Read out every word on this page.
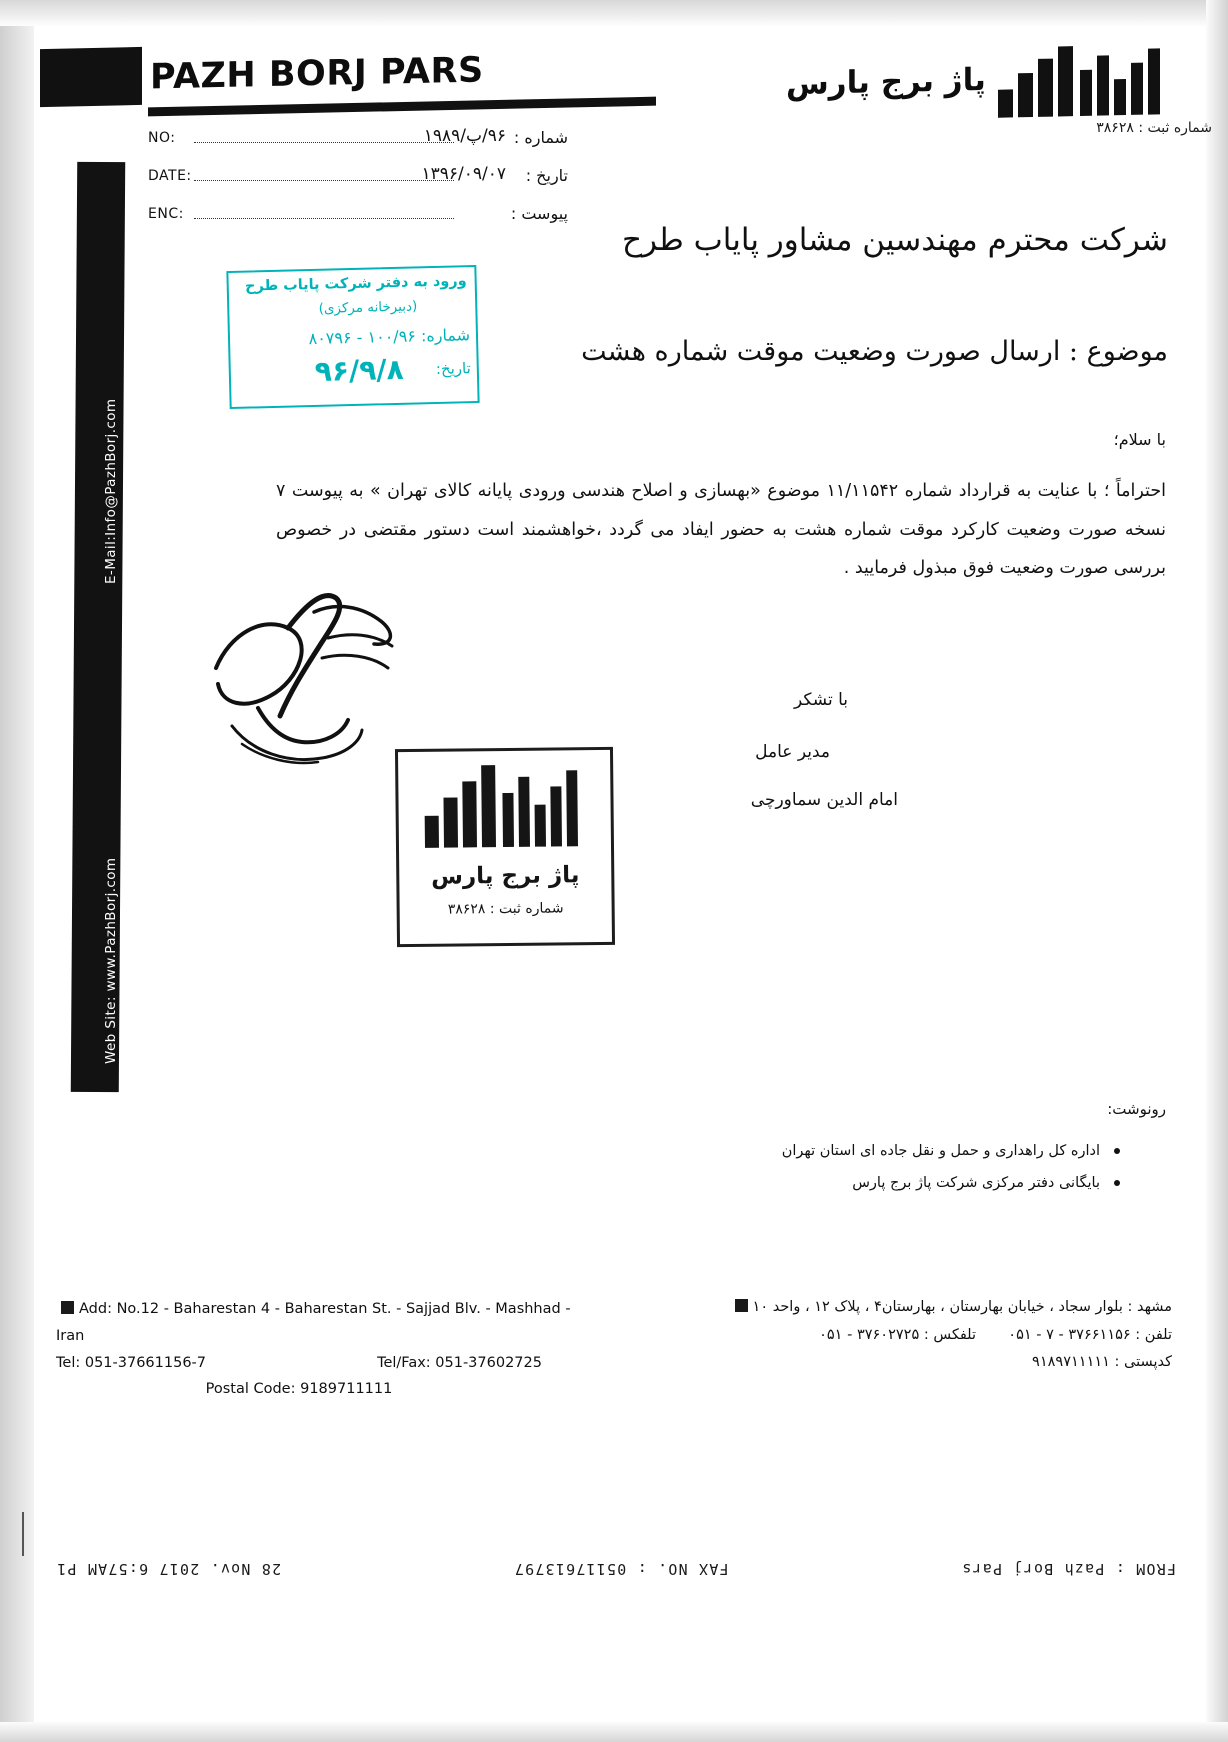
PAZH BORJ PARS	پاژ برج پارس
شماره ثبت : ۳۸۶۲۸
E-Mail:Info@PazhBorj.com
Web Site: www.PazhBorj.com
NO:	۹۶/پ/۱۹۸۹ شماره :
DATE:	۱۳۹۶/۰۹/۰۷ تاریخ :
ENC:	پیوست :
ورود به دفتر شرکت پایاب طرح
(دبیرخانه مرکزی)
شماره: ۱۰۰/۹۶ - ۸۰۷۹۶
تاریخ:
۹۶/۹/۸
شرکت محترم مهندسین مشاور پایاب طرح
موضوع : ارسال صورت وضعیت موقت شماره هشت
با سلام؛
احتراماً ؛ با عنایت به قرارداد شماره ۱۱/۱۱۵۴۲ موضوع «بهسازی و اصلاح هندسی ورودی پایانه کالای تهران » به پیوست ۷ نسخه صورت وضعیت کارکرد موقت شماره هشت به حضور ایفاد می گردد ،خواهشمند است دستور مقتضی در خصوص بررسی صورت وضعیت فوق مبذول فرمایید .
با تشکر
مدیر عامل
امام الدین سماورچی
پاژ برج پارس
شماره ثبت : ۳۸۶۲۸
رونوشت:
اداره کل راهداری و حمل و نقل جاده ای استان تهران
بایگانی دفتر مرکزی شرکت پاژ برج پارس
Add: No.12 - Baharestan 4 - Baharestan St. - Sajjad Blv. - Mashhad - Iran
Tel: 051-37661156-7	Tel/Fax: 051-37602725
Postal Code: 9189711111
مشهد : بلوار سجاد ، خیابان بهارستان ، بهارستان۴ ، پلاک ۱۲ ، واحد ۱۰
تلفن : ۳۷۶۶۱۱۵۶ - ۷ - ۰۵۱       تلفکس : ۳۷۶۰۲۷۲۵ - ۰۵۱
کدپستی : ۹۱۸۹۷۱۱۱۱۱
FROM : Pazh Borj Pars
FAX NO. : 05117613797
28 Nov. 2017 6:57AM P1
